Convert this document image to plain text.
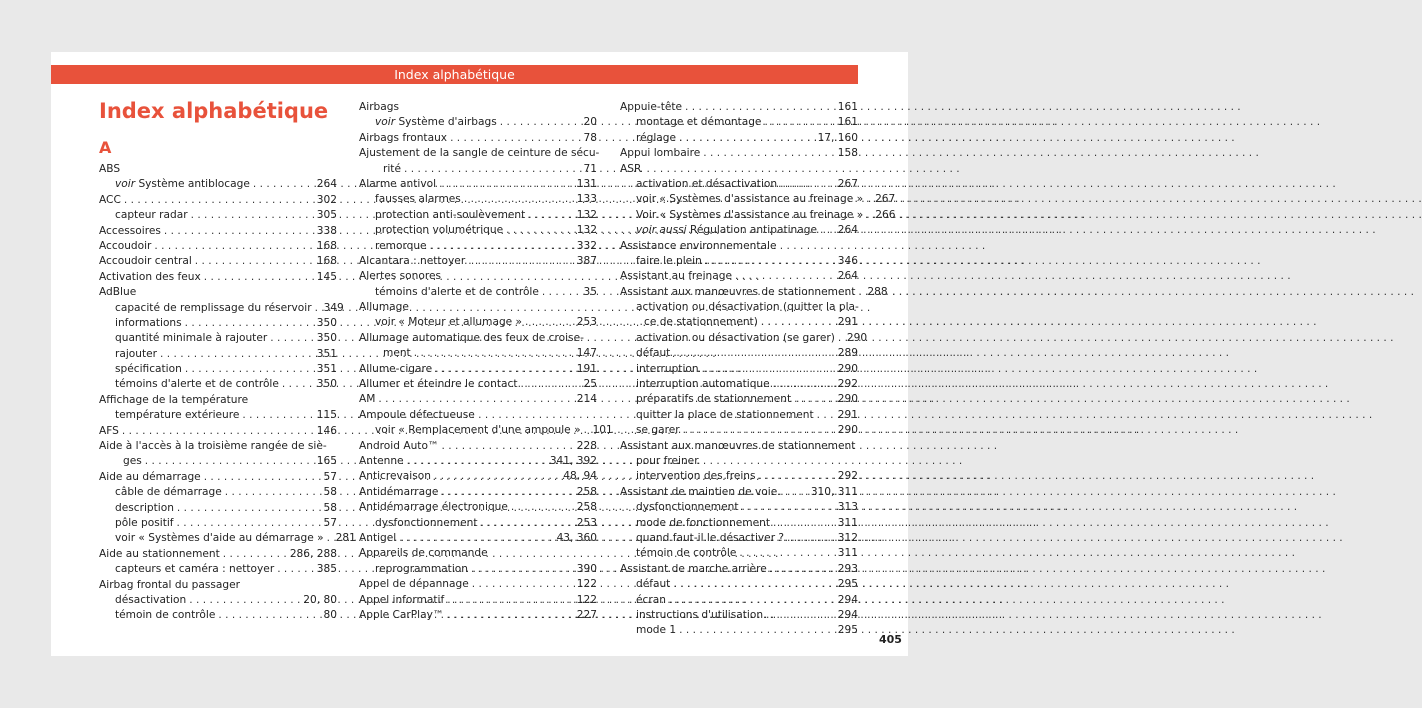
Index alphabétique
Index alphabétique
A
ABS
voir Système antiblocage . . .	264
ACC . . .	302
capteur radar . . .	305
Accessoires . . .	338
Accoudoir . . .	168
Accoudoir central . . .	168
Activation des feux . . .	145
AdBlue
capacité de remplissage du réservoir . . . 349
informations . . .	350
quantité minimale à rajouter . . .	350
rajouter . . .	351
spécification . . .	351
témoins d'alerte et de contrôle . . .	350
Affichage de la température
température extérieure . . .	115
AFS . . .	146
Aide à l'accès à la troisième rangée de siè-
ges . . .	165
Aide au démarrage . . .	57
câble de démarrage . . .	58
description . . .	58
pôle positif . . .	57
voir « Systèmes d'aide au démarrage » . . . 281
Aide au stationnement . . .	286, 288
capteurs et caméra : nettoyer . . .	385
Airbag frontal du passager
désactivation . . .	20, 80
témoin de contrôle . . .	80
Airbags
voir Système d'airbags . . .	20
Airbags frontaux . . .	78
Ajustement de la sangle de ceinture de sécu-
rité . . .	71
Alarme antivol . . .	131
fausses alarmes . . .	133
protection anti-soulèvement . . .	132
protection volumétrique . . .	132
remorque . . .	332
Alcantara : nettoyer . . .	387
Alertes sonores
témoins d'alerte et de contrôle . . .	35
Allumage
voir « Moteur et allumage » . . .	253
Allumage automatique des feux de croise-
ment . . .	147
Allume-cigare . . .	191
Allumer et éteindre le contact . . .	25
AM . . .	214
Ampoule défectueuse
voir « Remplacement d'une ampoule » . . . 101
Android Auto™ . . .	228
Antenne . . .	341, 392
Anticrevaison . . .	48, 94
Antidémarrage . . .	258
Antidémarrage électronique . . .	258
dysfonctionnement . . .	253
Antigel . . .	43, 360
Appareils de commande
reprogrammation . . .	390
Appel de dépannage . . .	122
Appel informatif . . .	122
Apple CarPlay™ . . .	227
Appuie-tête . . .	161
montage et démontage . . .	161
réglage . . .	17, 160
Appui lombaire . . .	158
ASR
activation et désactivation . . .	267
voir « Systèmes d'assistance au freinage » . . . 267
Voir « Systèmes d'assistance au freinage » . . . 266
voir aussi Régulation antipatinage . . . 264
Assistance environnementale
faire le plein . . .	346
Assistant au freinage . . .	264
Assistant aux manœuvres de stationnement . . . 288
activation ou désactivation (quitter la pla-
ce de stationnement) . . .	291
activation ou désactivation (se garer) . . . 290
défaut . . .	289
interruption . . .	290
interruption automatique . . .	292
préparatifs de stationnement . . .	290
quitter la place de stationnement . . . 291
se garer . . .	290
Assistant aux manœuvres de stationnement
pour freiner
intervention des freins . . .	292
Assistant de maintien de voie . . .	310, 311
dysfonctionnement . . .	313
mode de fonctionnement . . .	311
quand faut-il le désactiver ? . . .	312
témoin de contrôle . . .	311
Assistant de marche arrière . . .	293
défaut . . .	295
écran . . .	294
instructions d'utilisation . . .	294
mode 1 . . .	295
405
